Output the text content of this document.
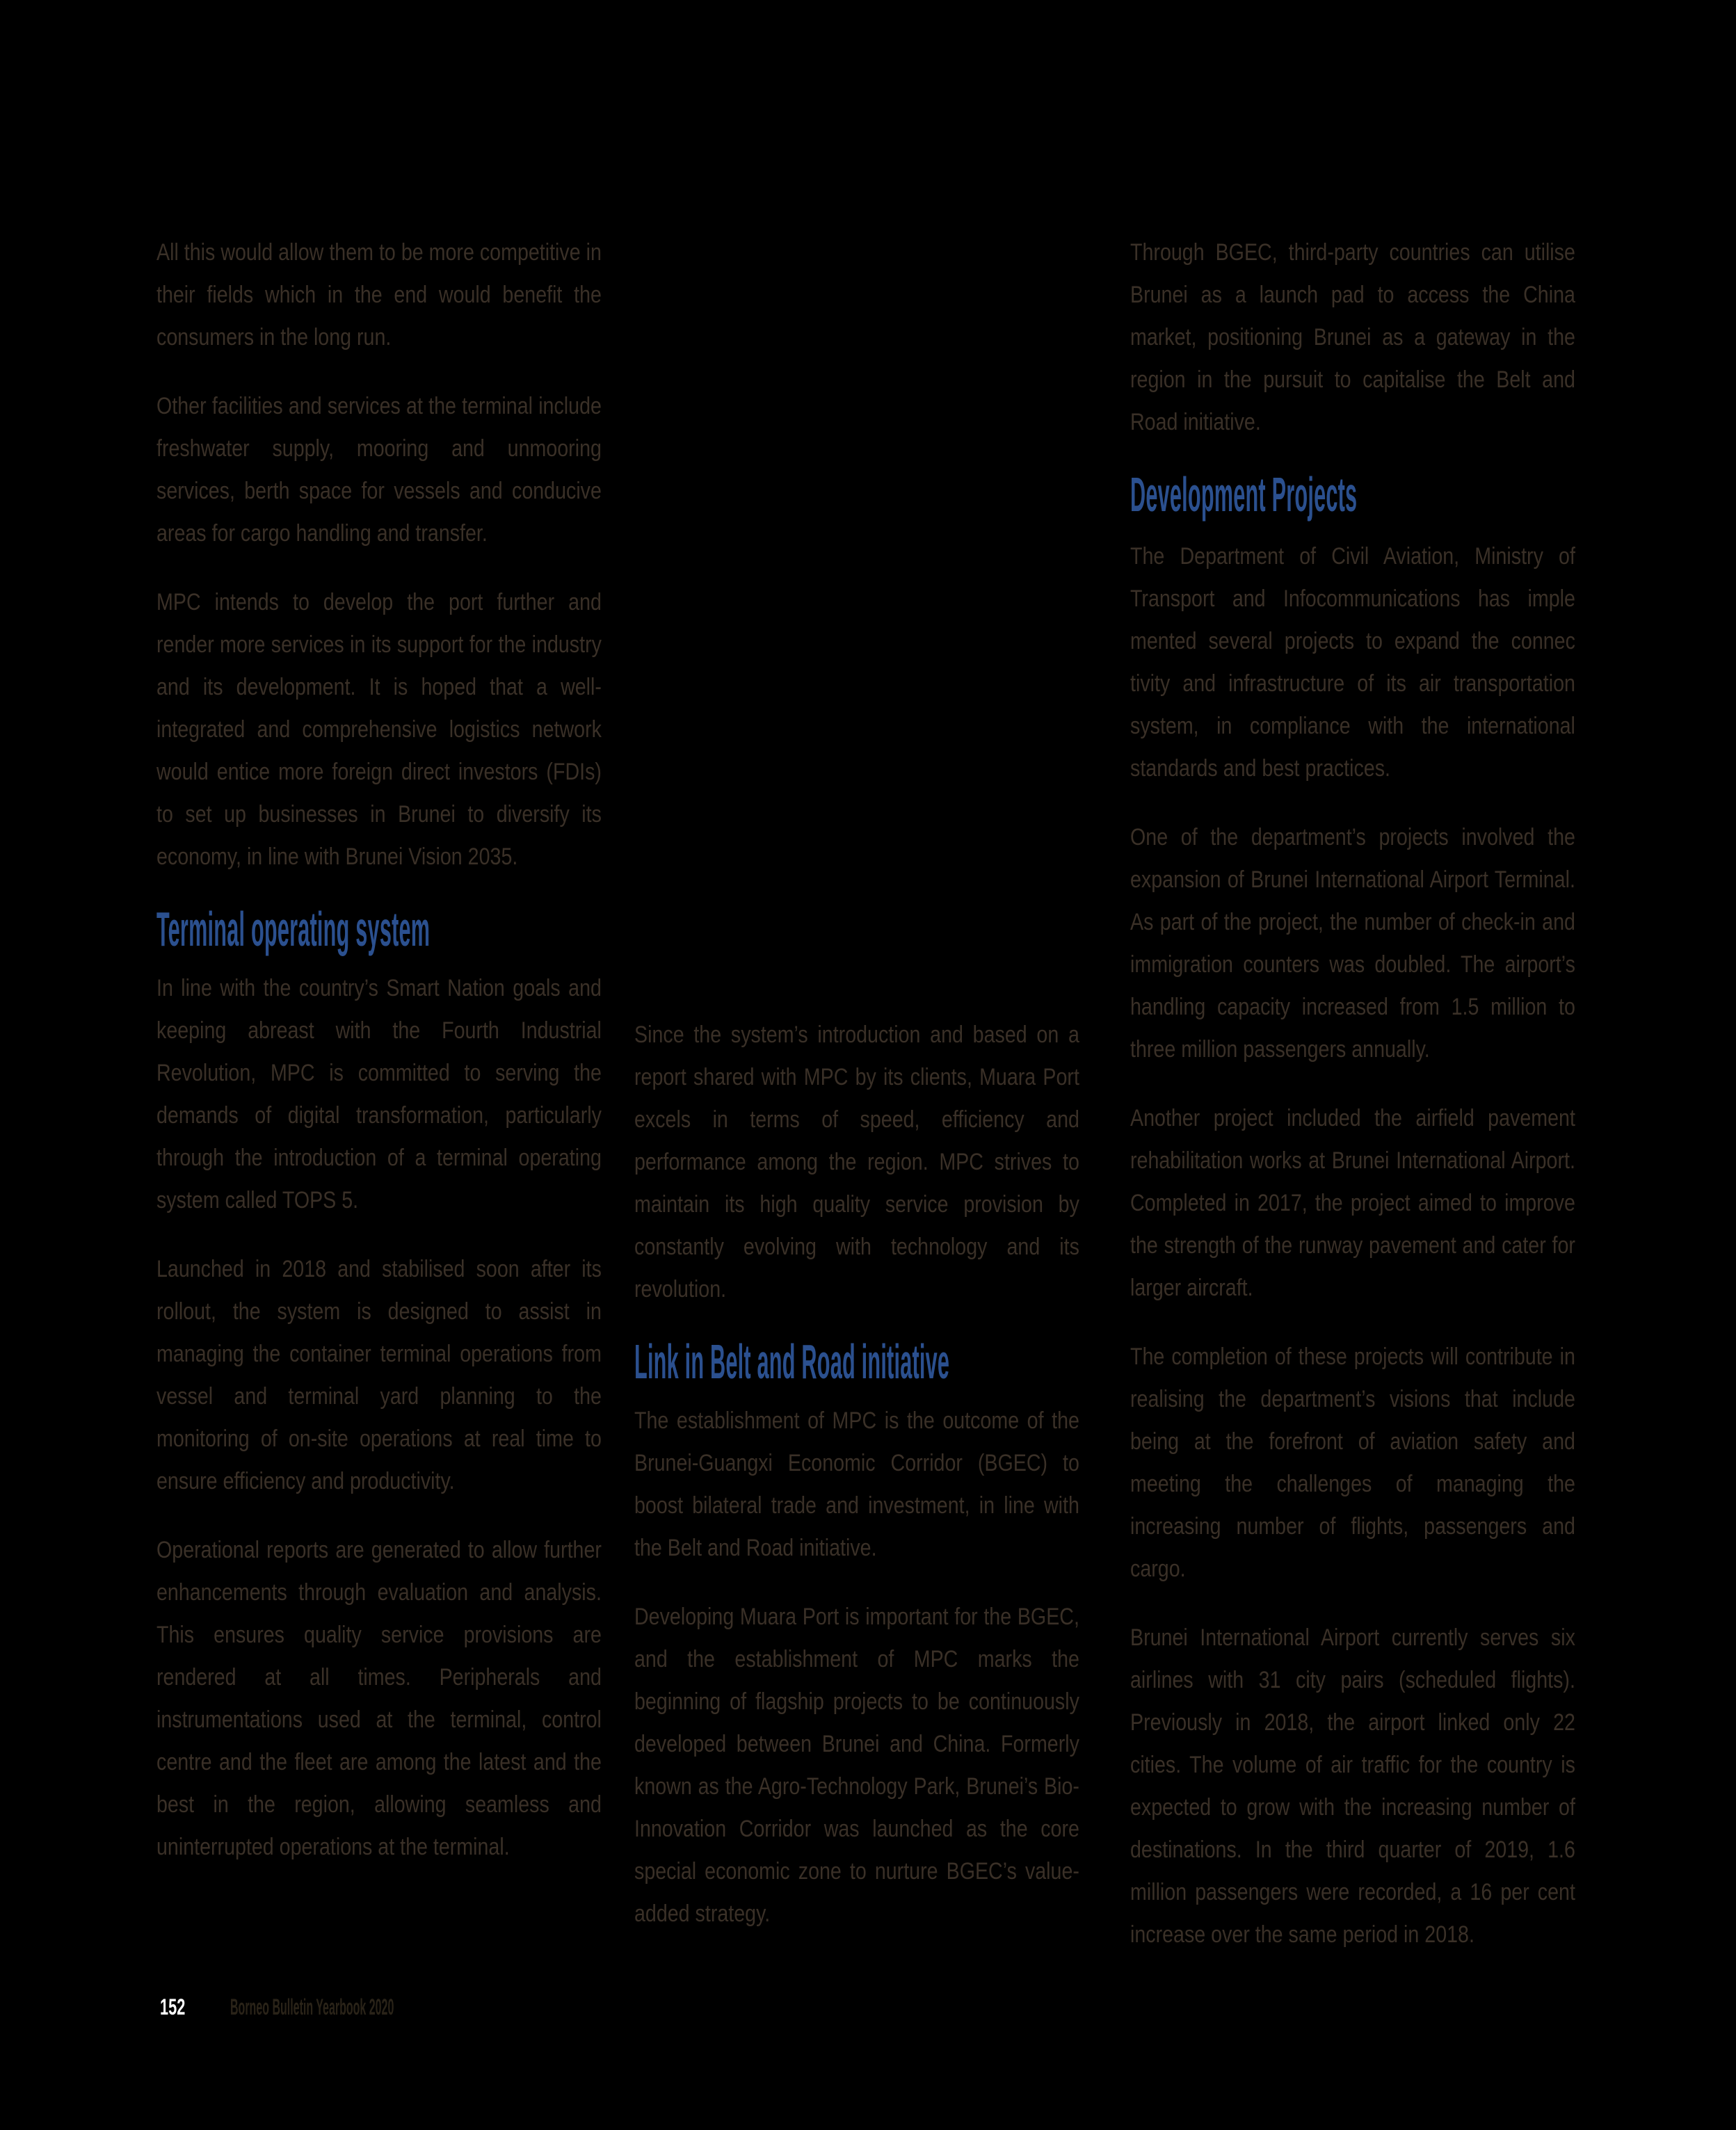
All this would allow them to be more competitive in their fields which in the end would benefit the consumers in the long run.

Other facilities and services at the terminal include freshwater supply, mooring and unmooring services, berth space for vessels and conducive areas for cargo handling and transfer.

MPC intends to develop the port further and render more services in its support for the industry and its development. It is hoped that a well-integrated and comprehensive logistics network would entice more foreign direct investors (FDIs) to set up businesses in Brunei to diversify its economy, in line with Brunei Vision 2035.

Terminal operating system

In line with the country’s Smart Nation goals and keeping abreast with the Fourth Industrial Revolution, MPC is committed to serving the demands of digital transformation, particularly through the introduction of a terminal operating system called TOPS 5.

Launched in 2018 and stabilised soon after its rollout, the system is designed to assist in managing the container terminal operations from vessel and terminal yard planning to the monitoring of on-site operations at real time to ensure efficiency and productivity.

Operational reports are generated to allow further enhancements through evaluation and analysis. This ensures quality service provisions are rendered at all times. Peripherals and instrumentations used at the terminal, control centre and the fleet are among the latest and the best in the region, allowing seamless and uninterrupted operations at the terminal.

Since the system’s introduction and based on a report shared with MPC by its clients, Muara Port excels in terms of speed, efficiency and performance among the region. MPC strives to maintain its high quality service provision by constantly evolving with technology and its revolution.

Link in Belt and Road initiative

The establishment of MPC is the outcome of the Brunei-Guangxi Economic Corridor (BGEC) to boost bilateral trade and investment, in line with the Belt and Road initiative.

Developing Muara Port is important for the BGEC, and the establishment of MPC marks the beginning of flagship projects to be continuously developed between Brunei and China. Formerly known as the Agro-Technology Park, Brunei’s Bio-Innovation Corridor was launched as the core special economic zone to nurture BGEC’s value-added strategy.

Through BGEC, third-party countries can utilise Brunei as a launch pad to access the China market, positioning Brunei as a gateway in the region in the pursuit to capitalise the Belt and Road initiative.

Development Projects

The Department of Civil Aviation, Ministry of Transport and Infocommunications has imple mented several projects to expand the connec tivity and infrastructure of its air transportation system, in compliance with the international standards and best practices.

One of the department’s projects involved the expansion of Brunei International Airport Terminal. As part of the project, the number of check-in and immigration counters was doubled. The airport’s handling capacity increased from 1.5 million to three million passengers annually.

Another project included the airfield pavement rehabilitation works at Brunei International Airport. Completed in 2017, the project aimed to improve the strength of the runway pavement and cater for larger aircraft.

The completion of these projects will contribute in realising the department’s visions that include being at the forefront of aviation safety and meeting the challenges of managing the increasing number of flights, passengers and cargo.

Brunei International Airport currently serves six airlines with 31 city pairs (scheduled flights). Previously in 2018, the airport linked only 22 cities. The volume of air traffic for the country is expected to grow with the increasing number of destinations. In the third quarter of 2019, 1.6 million passengers were recorded, a 16 per cent increase over the same period in 2018.

152 Borneo Bulletin Yearbook 2020
